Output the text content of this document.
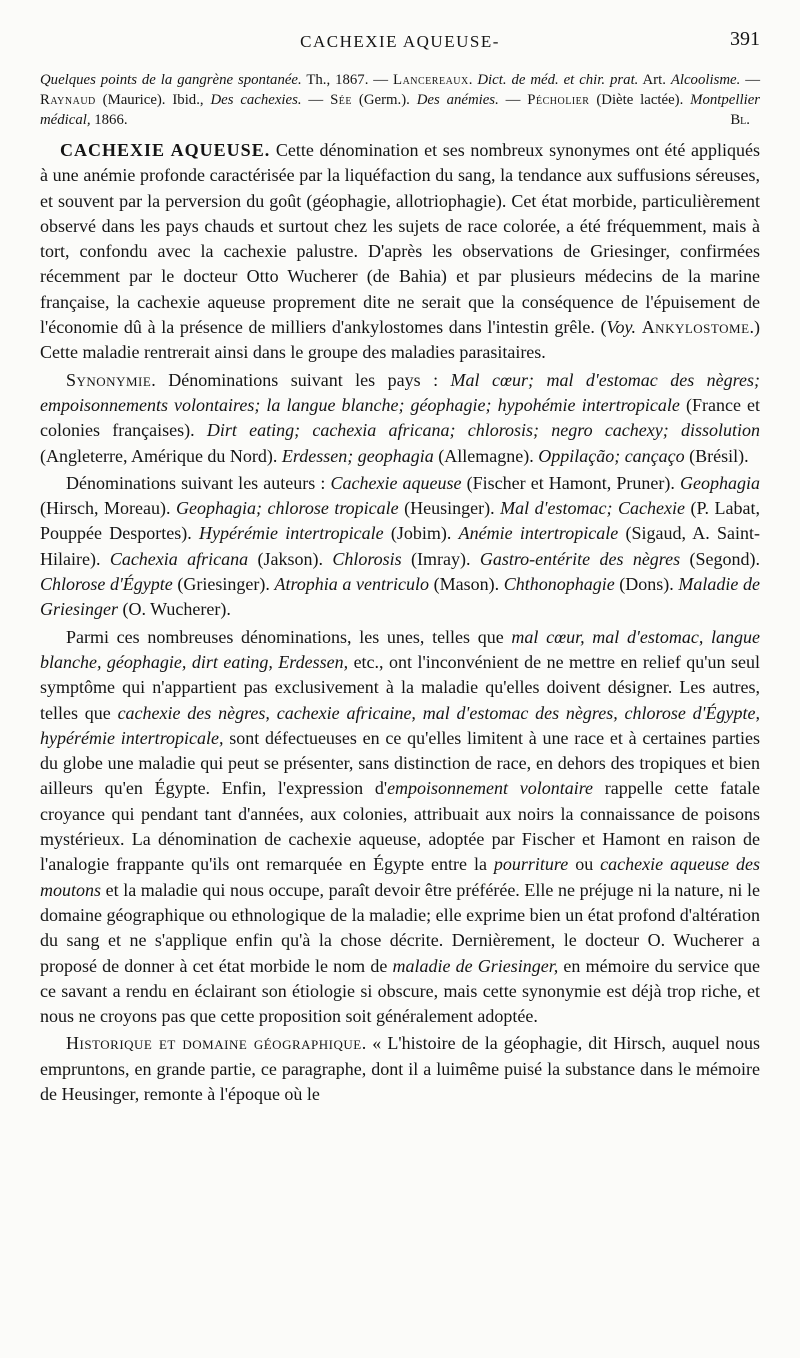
CACHEXIE AQUEUSE-	391
Quelques points de la gangrène spontanée. Th., 1867. — Lancereaux. Dict. de méd. et chir. prat. Art. Alcoolisme. — Raynaud (Maurice). Ibid., Des cachexies. — Sée (Germ.). Des anémies. — Pécholier (Diète lactée). Montpellier médical, 1866.	Bl.

CACHEXIE AQUEUSE. Cette dénomination et ses nombreux synonymes ont été appliqués à une anémie profonde caractérisée par la liquéfaction du sang, la tendance aux suffusions séreuses, et souvent par la perversion du goût (géophagie, allotriophagie). Cet état morbide, particulièrement observé dans les pays chauds et surtout chez les sujets de race colorée, a été fréquemment, mais à tort, confondu avec la cachexie palustre. D'après les observations de Griesinger, confirmées récemment par le docteur Otto Wucherer (de Bahia) et par plusieurs médecins de la marine française, la cachexie aqueuse proprement dite ne serait que la conséquence de l'épuisement de l'économie dû à la présence de milliers d'ankylostomes dans l'intestin grêle. (Voy. Ankylostome.) Cette maladie rentrerait ainsi dans le groupe des maladies parasitaires.

Synonymie. Dénominations suivant les pays : Mal cœur; mal d'estomac des nègres; empoisonnements volontaires; la langue blanche; géophagie; hypohémie intertropicale (France et colonies françaises). Dirt eating; cachexia africana; chlorosis; negro cachexy; dissolution (Angleterre, Amérique du Nord). Erdessen; geophagia (Allemagne). Oppilação; cançaço (Brésil).

Dénominations suivant les auteurs : Cachexie aqueuse (Fischer et Hamont, Pruner). Geophagia (Hirsch, Moreau). Geophagia; chlorose tropicale (Heusinger). Mal d'estomac; Cachexie (P. Labat, Pouppée Desportes). Hypérémie intertropicale (Jobim). Anémie intertropicale (Sigaud, A. Saint-Hilaire). Cachexia africana (Jakson). Chlorosis (Imray). Gastro-entérite des nègres (Segond). Chlorose d'Égypte (Griesinger). Atrophia a ventriculo (Mason). Chthonophagie (Dons). Maladie de Griesinger (O. Wucherer).

Parmi ces nombreuses dénominations, les unes, telles que mal cœur, mal d'estomac, langue blanche, géophagie, dirt eating, Erdessen, etc., ont l'inconvénient de ne mettre en relief qu'un seul symptôme qui n'appartient pas exclusivement à la maladie qu'elles doivent désigner. Les autres, telles que cachexie des nègres, cachexie africaine, mal d'estomac des nègres, chlorose d'Égypte, hypérémie intertropicale, sont défectueuses en ce qu'elles limitent à une race et à certaines parties du globe une maladie qui peut se présenter, sans distinction de race, en dehors des tropiques et bien ailleurs qu'en Égypte. Enfin, l'expression d'empoisonnement volontaire rappelle cette fatale croyance qui pendant tant d'années, aux colonies, attribuait aux noirs la connaissance de poisons mystérieux. La dénomination de cachexie aqueuse, adoptée par Fischer et Hamont en raison de l'analogie frappante qu'ils ont remarquée en Égypte entre la pourriture ou cachexie aqueuse des moutons et la maladie qui nous occupe, paraît devoir être préférée. Elle ne préjuge ni la nature, ni le domaine géographique ou ethnologique de la maladie; elle exprime bien un état profond d'altération du sang et ne s'applique enfin qu'à la chose décrite. Dernièrement, le docteur O. Wucherer a proposé de donner à cet état morbide le nom de maladie de Griesinger, en mémoire du service que ce savant a rendu en éclairant son étiologie si obscure, mais cette synonymie est déjà trop riche, et nous ne croyons pas que cette proposition soit généralement adoptée.

Historique et domaine géographique. « L'histoire de la géophagie, dit Hirsch, auquel nous empruntons, en grande partie, ce paragraphe, dont il a luimême puisé la substance dans le mémoire de Heusinger, remonte à l'époque où le
